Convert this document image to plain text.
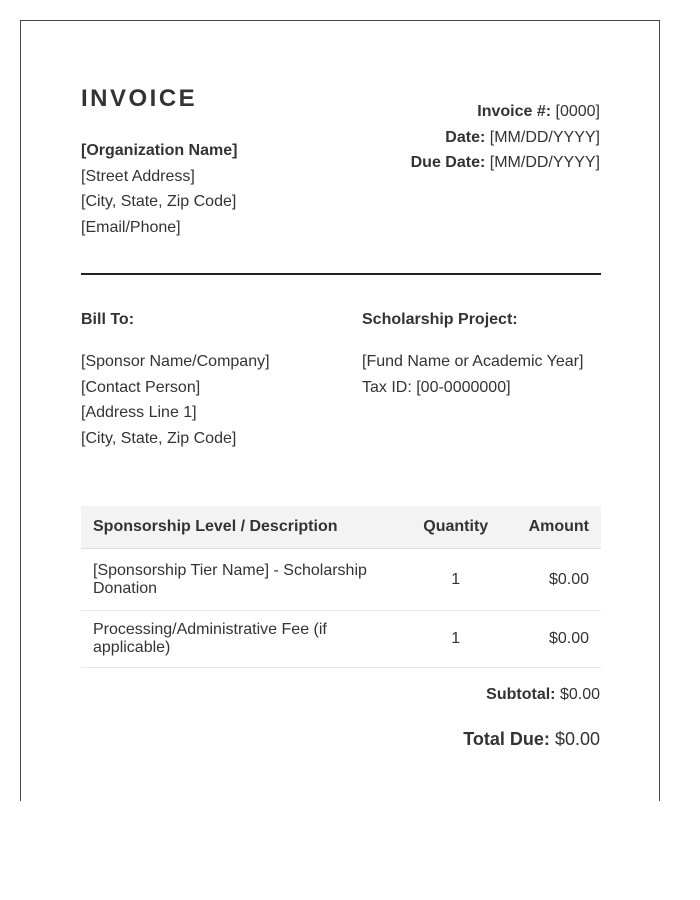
INVOICE
[Organization Name]
[Street Address]
[City, State, Zip Code]
[Email/Phone]
Invoice #: [0000]
Date: [MM/DD/YYYY]
Due Date: [MM/DD/YYYY]
Bill To:
[Sponsor Name/Company]
[Contact Person]
[Address Line 1]
[City, State, Zip Code]
Scholarship Project:
[Fund Name or Academic Year]
Tax ID: [00-0000000]
Sponsorship Level / Description	Quantity	Amount
[Sponsorship Tier Name] - Scholarship Donation	1	$0.00
Processing/Administrative Fee (if applicable)	1	$0.00
Subtotal: $0.00
Total Due: $0.00
